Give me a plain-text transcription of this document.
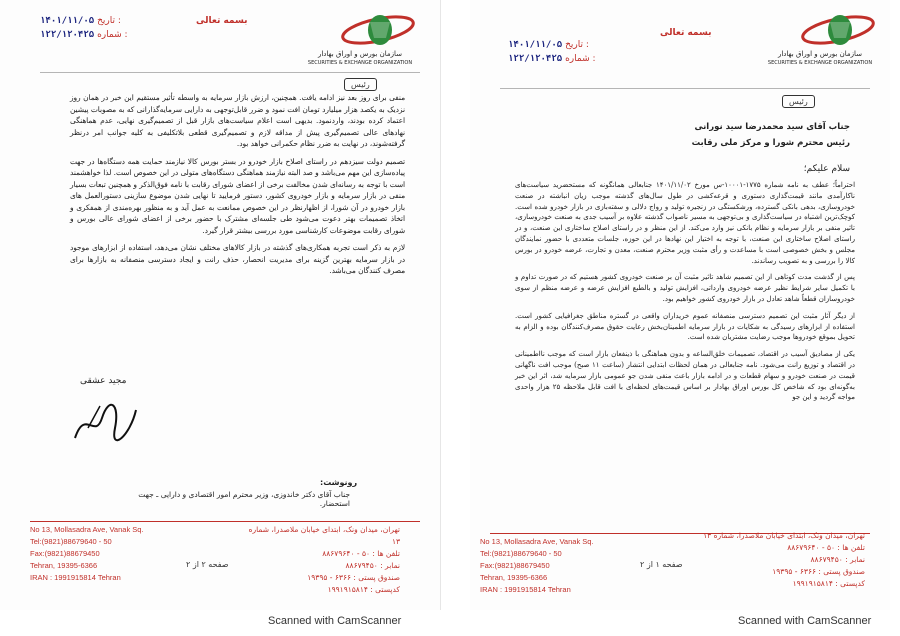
سازمان بورس و اوراق بهادار
SECURITIES & EXCHANGE ORGANIZATION
بسمه تعالی
۱۴۰۱/۱۱/۰۵ تاریخ :
۱۲۲/۱۲۰۴۲۵ شماره :
رئیس

منفی برای روز بعد نیز ادامه یافت. همچنین، ارزش بازار سرمایه به واسطه تأثیر مستقیم این خبر در همان روز نزدیک به یکصد هزار میلیارد تومان افت نمود و ضرر قابل‌توجهی به دارایی سرمایه‌گذارانی که به مصوبات پیشین اعتماد کرده بودند، واردنمود. بدیهی است اعلام سیاست‌های بازار قبل از تصمیم‌گیری نهایی، عدم هماهنگی نهادهای عالی تصمیم‌گیری پیش از مداقه لازم و تصمیم‌گیری قطعی بلاتکلیفی به کلیه جوانب امر درنظر گرفته‌شوند، در نهایت به ضرر نظام حکمرانی خواهد بود.

تصمیم دولت سیزدهم در راستای اصلاح بازار خودرو در بستر بورس کالا نیازمند حمایت همه دستگاه‌ها در جهت پیاده‌سازی این مهم می‌باشد و صد البته نیازمند هماهنگی دستگاه‌های متولی در این خصوص است. لذا خواهشمند است با توجه به رسانه‌ای شدن مخالفت برخی از اعضای شورای رقابت با نامه فوق‌الذکر و همچنین تبعات بسیار منفی در بازار سرمایه و بازار خودروی کشور، دستور فرمایید تا نهایی شدن موضوع سازینی دستورالعمل های بازار خودرو در آن شورا، از اظهارنظر در این خصوص ممانعت به عمل آید و به منظور بهره‌مندی از همفکری و اتخاذ تصمیمات بهتر دعوت می‌شود طی جلسه‌ای مشترک با حضور برخی از اعضای شورای عالی بورس و شورای رقابت موضوعات کارشناسی مورد بررسی بیشتر قرار گیرد.

لازم به ذکر است تجربه همکاری‌های گذشته در بازار کالاهای مختلف نشان می‌دهد، استفاده از ابزارهای موجود در بازار سرمایه بهترین گزینه برای مدیریت انحصار، حذف رانت و ایجاد دسترسی منصفانه به بازارها برای مصرف کنندگان می‌باشد.

مجید عشقی
رونوشت:
جناب آقای دکتر خاندوزی، وزیر محترم امور اقتصادی و دارایی ـ جهت استحضار.
No 13, Mollasadra Ave, Vanak Sq.
Tel:(9821)88679640 - 50
Fax:(9821)88679450
Tehran, 19395-6366
IRAN : 1991915814 Tehran
صفحه ۲ از ۲
تهران، میدان ونک، ابتدای خیابان ملاصدرا، شماره ۱۳
تلفن ها : ۵۰ - ۸۸۶۷۹۶۴۰
نمابر : ۸۸۶۷۹۴۵۰
صندوق پستی : ۶۳۶۶ - ۱۹۳۹۵
کدپستی : ۱۹۹۱۹۱۵۸۱۴
Scanned with CamScanner
سازمان بورس و اوراق بهادار
SECURITIES & EXCHANGE ORGANIZATION
بسمه تعالی
۱۴۰۱/۱۱/۰۵ تاریخ :
۱۲۲/۱۲۰۴۲۵ شماره :
رئیس
جناب آقای سید محمدرضا سید نورانی
رئیس محترم شورا و مرکز ملی رقابت
سلام علیکم؛

احتراماً؛ عطف به نامه شماره ۱۷۷۵-۱۰۰۰۱-س مورخ ۱۴۰۱/۱۱/۰۲ جنابعالی همانگونه که مستحضرید سیاست‌های ناکارآمدی مانند قیمت‌گذاری دستوری و قرعه‌کشی در طول سال‌های گذشته موجب زیان انباشته در صنعت خودروسازی، بدهی بانکی گسترده، ورشکستگی در زنجیره تولید و رواج دلالی و سفته‌بازی در بازار خودرو شده است. کوچک‌ترین اشتباه در سیاست‌گذاری و بی‌توجهی به مسیر ناصواب گذشته علاوه بر آسیب جدی به صنعت خودروسازی، تاثیر منفی بر بازار سرمایه و نظام بانکی نیز وارد می‌کند. از این منظر و در راستای اصلاح ساختاری این صنعت، و در راستای اصلاح ساختاری این صنعت، با توجه به اختیار این نهادها در این حوزه، جلسات متعددی با حضور نمایندگان مجلس و بخش خصوصی است با مساعدت و رأی مثبت وزیر محترم صنعت، معدن و تجارت، عرضه خودرو در بورس کالا را بررسی و به تصویب رساندند.

پس از گذشت مدت کوتاهی از این تصمیم شاهد تاثیر مثبت آن بر صنعت خودروی کشور هستیم که در صورت تداوم و با تکمیل سایر شرایط نظیر عرضه خودروی وارداتی، افزایش تولید و بالطبع افزایش عرضه و عرضه منظم از سوی خودروسازان قطعاً شاهد تعادل در بازار خودروی کشور خواهیم بود.

از دیگر آثار مثبت این تصمیم دسترسی منصفانه عموم خریداران واقعی در گستره مناطق جغرافیایی کشور است. استفاده از ابزارهای رسیدگی به شکایات در بازار سرمایه اطمینان‌بخش رعایت حقوق مصرف‌کنندگان بوده و الزام به تحویل بموقع خودروها موجب رضایت مشتریان شده است.

یکی از مصادیق آسیب در اقتصاد، تصمیمات خلق‌الساعه و بدون هماهنگی با ذینفعان بازار است که موجب نااطمینانی در اقتصاد و توزیع رانت می‌شود. نامه جنابعالی در همان لحظات ابتدایی انتشار (ساعت ۱۱ صبح) موجب افت ناگهانی قیمت در صنعت خودرو و سهام قطعات و در ادامه بازار باعث منفی شدن جو عمومی بازار سرمایه شد، اثر این خبر به‌گونه‌ای بود که شاخص کل بورس اوراق بهادار بر اساس قیمت‌های لحظه‌ای با افت قابل ملاحظه ۲۵ هزار واحدی مواجه گردید و این جو

No 13, Mollasadra Ave, Vanak Sq.
Tel:(9821)88679640 - 50
Fax:(9821)88679450
Tehran, 19395-6366
IRAN : 1991915814 Tehran
صفحه ۱ از ۲
تهران، میدان ونک، ابتدای خیابان ملاصدرا، شماره ۱۳
تلفن ها : ۵۰ - ۸۸۶۷۹۶۴۰
نمابر : ۸۸۶۷۹۴۵۰
صندوق پستی : ۶۳۶۶ - ۱۹۳۹۵
کدپستی : ۱۹۹۱۹۱۵۸۱۴
Scanned with CamScanner
